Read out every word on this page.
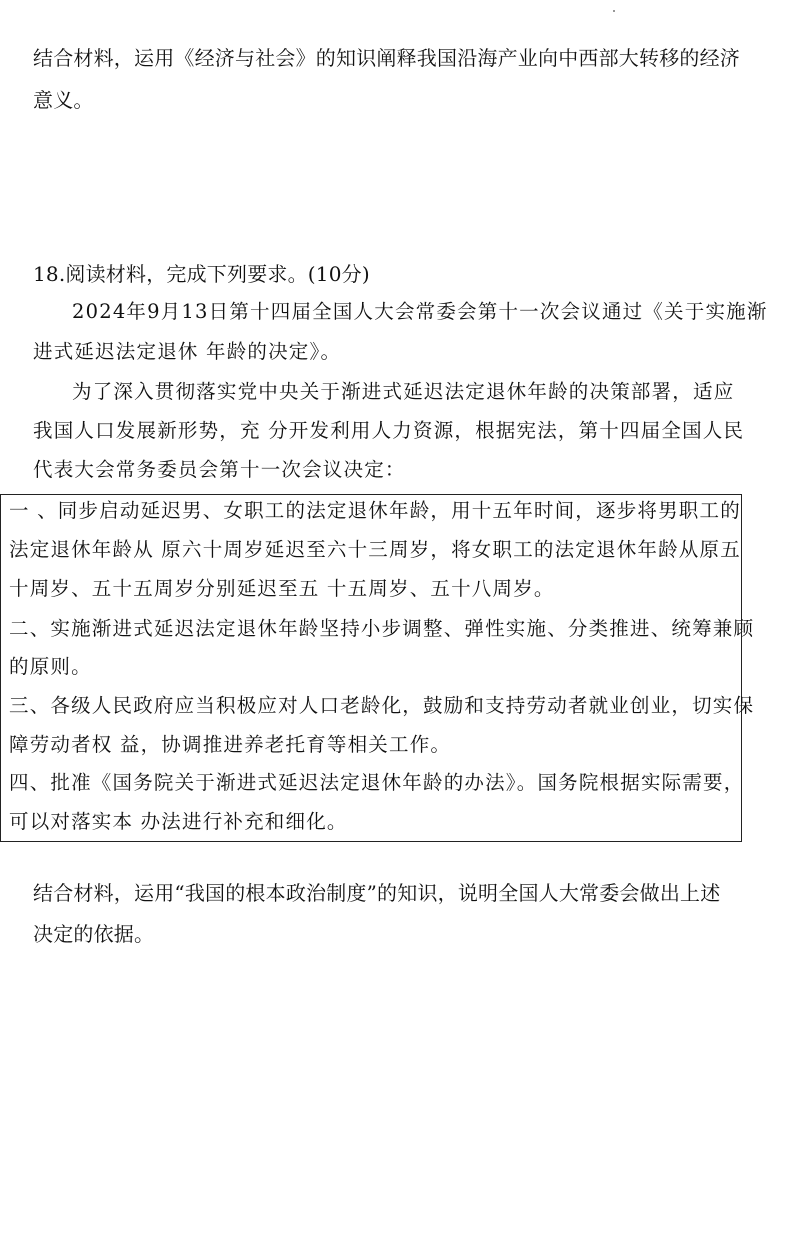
结合材料，运用《经济与社会》的知识阐释我国沿海产业向中西部大转移的经济
意义。
18.阅读材料，完成下列要求。(10分)
2024年9月13日第十四届全国人大会常委会第十一次会议通过《关于实施渐
进式延迟法定退休 年龄的决定》。
为了深入贯彻落实党中央关于渐进式延迟法定退休年龄的决策部署，适应
我国人口发展新形势，充 分开发利用人力资源，根据宪法，第十四届全国人民
代表大会常务委员会第十一次会议决定：
一 、同步启动延迟男、女职工的法定退休年龄，用十五年时间，逐步将男职工的
法定退休年龄从 原六十周岁延迟至六十三周岁，将女职工的法定退休年龄从原五
十周岁、五十五周岁分别延迟至五 十五周岁、五十八周岁。
二、实施渐进式延迟法定退休年龄坚持小步调整、弹性实施、分类推进、统筹兼顾
的原则。
三、各级人民政府应当积极应对人口老龄化，鼓励和支持劳动者就业创业，切实保
障劳动者权 益，协调推进养老托育等相关工作。
四、批准《国务院关于渐进式延迟法定退休年龄的办法》。国务院根据实际需要，
可以对落实本 办法进行补充和细化。
结合材料，运用“我国的根本政治制度”的知识，说明全国人大常委会做出上述
决定的依据。
